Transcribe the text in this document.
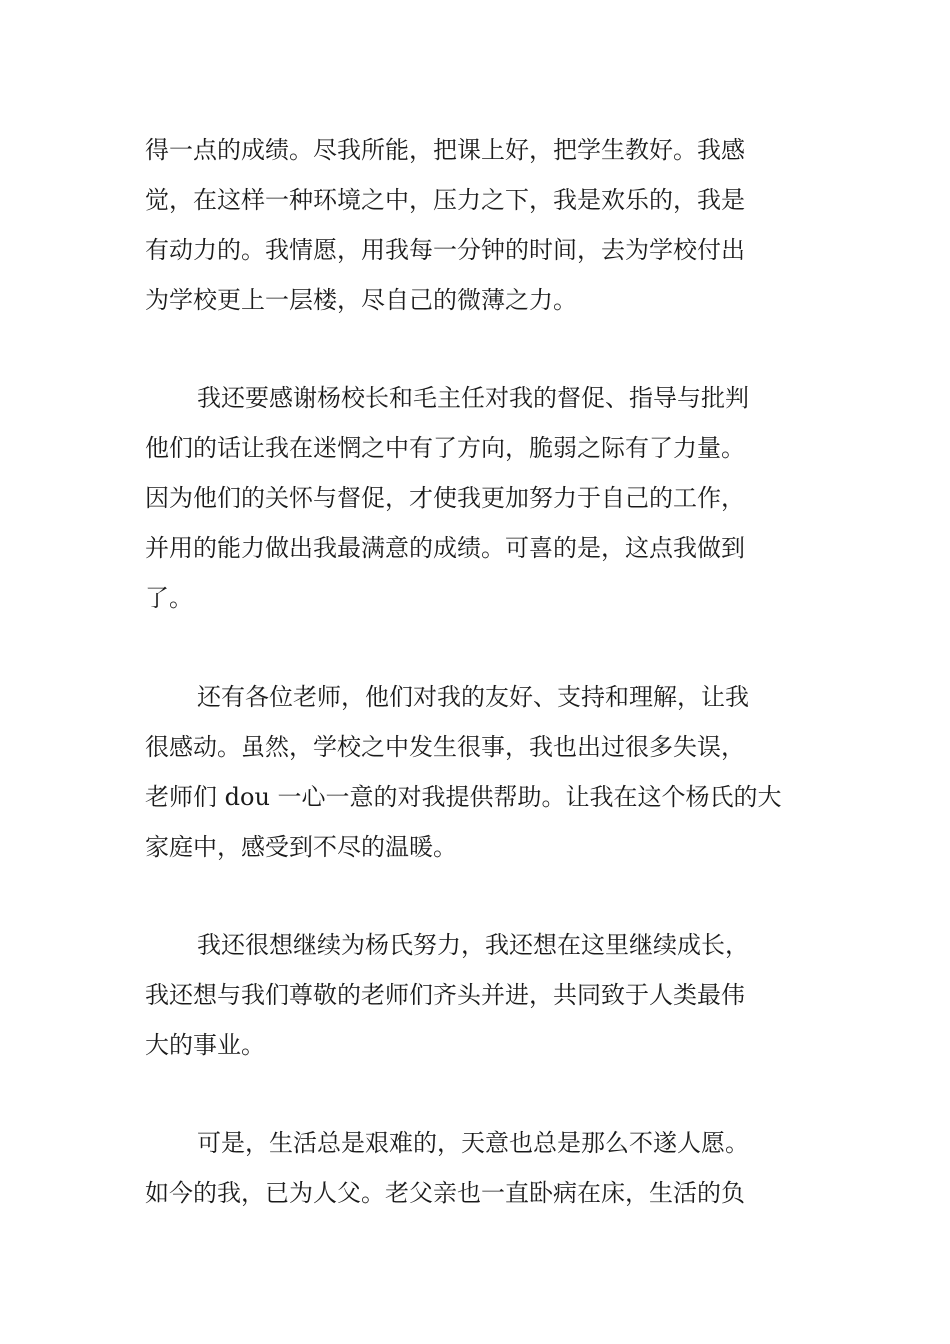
得一点的成绩。尽我所能，把课上好，把学生教好。我感
觉，在这样一种环境之中，压力之下，我是欢乐的，我是
有动力的。我情愿，用我每一分钟的时间，去为学校付出
为学校更上一层楼，尽自己的微薄之力。
我还要感谢杨校长和毛主任对我的督促、指导与批判
他们的话让我在迷惘之中有了方向，脆弱之际有了力量。
因为他们的关怀与督促，才使我更加努力于自己的工作，
并用的能力做出我最满意的成绩。可喜的是，这点我做到
了。
还有各位老师，他们对我的友好、支持和理解，让我
很感动。虽然，学校之中发生很事，我也出过很多失误，
老师们 dou 一心一意的对我提供帮助。让我在这个杨氏的大
家庭中，感受到不尽的温暖。
我还很想继续为杨氏努力，我还想在这里继续成长，
我还想与我们尊敬的老师们齐头并进，共同致于人类最伟
大的事业。
可是，生活总是艰难的，天意也总是那么不遂人愿。
如今的我，已为人父。老父亲也一直卧病在床，生活的负
